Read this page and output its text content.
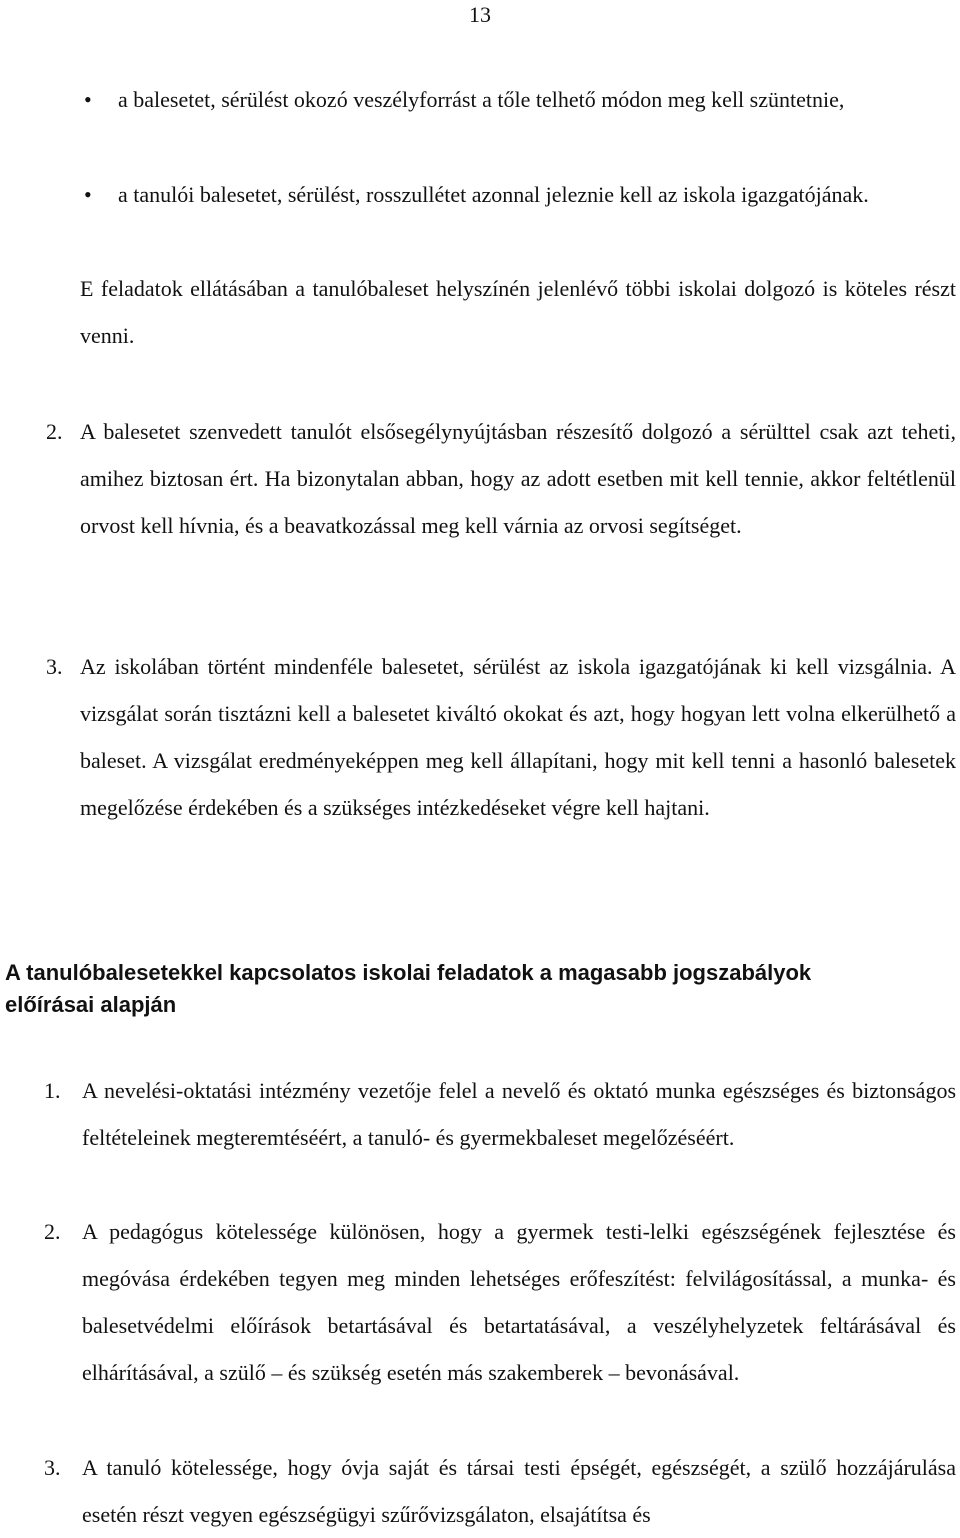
13

• a balesetet, sérülést okozó veszélyforrást a tőle telhető módon meg kell szüntetnie,

• a tanulói balesetet, sérülést, rosszullétet azonnal jeleznie kell az iskola igazgatójának.

E feladatok ellátásában a tanulóbaleset helyszínén jelenlévő többi iskolai dolgozó is köteles részt venni.

2. A balesetet szenvedett tanulót elsősegélynyújtásban részesítő dolgozó a sérülttel csak azt teheti, amihez biztosan ért. Ha bizonytalan abban, hogy az adott esetben mit kell tennie, akkor feltétlenül orvost kell hívnia, és a beavatkozással meg kell várnia az orvosi segítséget.
3. Az iskolában történt mindenféle balesetet, sérülést az iskola igazgatójának ki kell vizsgálnia. A vizsgálat során tisztázni kell a balesetet kiváltó okokat és azt, hogy hogyan lett volna elkerülhető a baleset. A vizsgálat eredményeképpen meg kell állapítani, hogy mit kell tenni a hasonló balesetek megelőzése érdekében és a szükséges intézkedéseket végre kell hajtani.
A tanulóbalesetekkel kapcsolatos iskolai feladatok a magasabb jogszabályok előírásai alapján
1. A nevelési-oktatási intézmény vezetője felel a nevelő és oktató munka egészséges és biztonságos feltételeinek megteremtéséért, a tanuló- és gyermekbaleset megelőzéséért.
2. A pedagógus kötelessége különösen, hogy a gyermek testi-lelki egészségének fejlesztése és megóvása érdekében tegyen meg minden lehetséges erőfeszítést: felvilágosítással, a munka- és balesetvédelmi előírások betartásával és betartatásával, a veszélyhelyzetek feltárásával és elhárításával, a szülő – és szükség esetén más szakemberek – bevonásával.
3. A tanuló kötelessége, hogy óvja saját és társai testi épségét, egészségét, a szülő hozzájárulása esetén részt vegyen egészségügyi szűrővizsgálaton, elsajátítsa és
